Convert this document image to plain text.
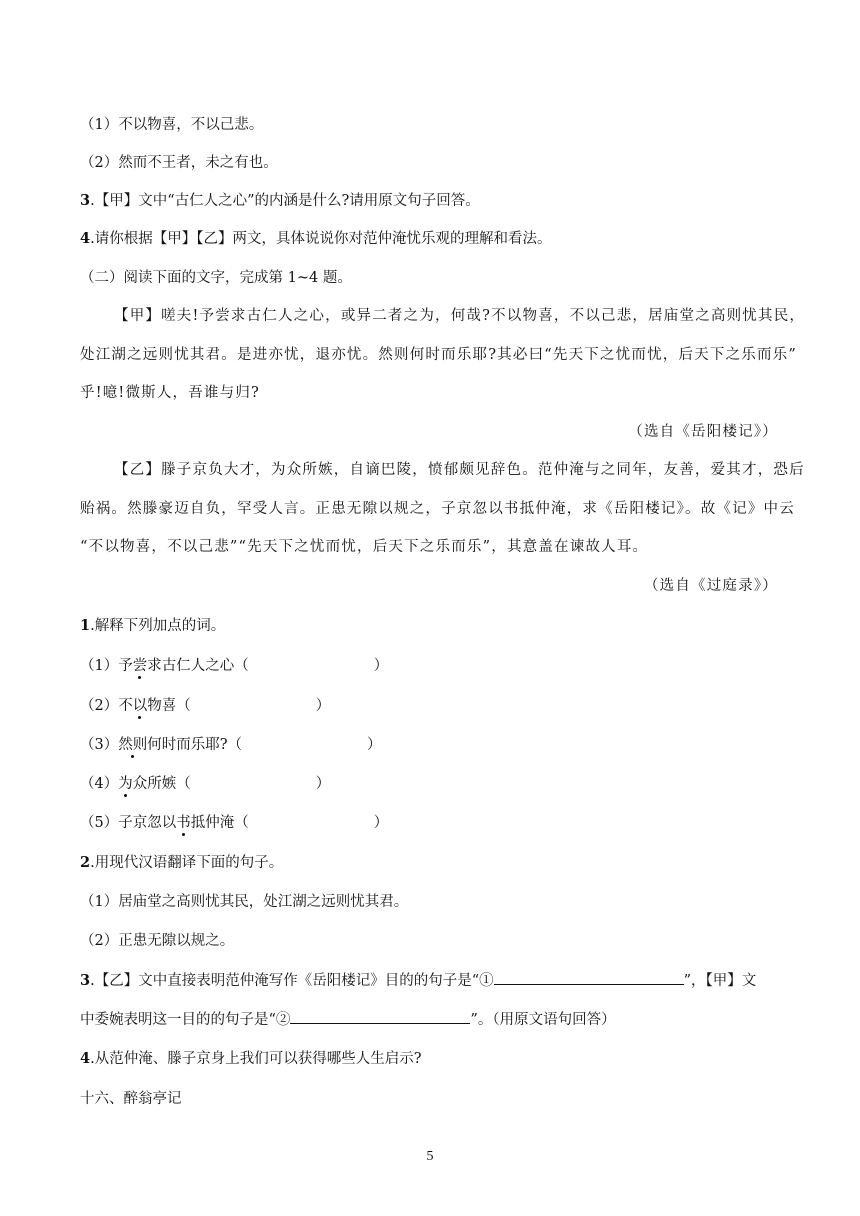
（1）不以物喜，不以己悲。
（2）然而不王者，未之有也。
3.【甲】文中“古仁人之心”的内涵是什么?请用原文句子回答。
4.请你根据【甲】【乙】两文，具体说说你对范仲淹忧乐观的理解和看法。
（二）阅读下面的文字，完成第 1~4 题。
【甲】嗟夫!予尝求古仁人之心，或异二者之为，何哉?不以物喜，不以己悲，居庙堂之高则忧其民，
处江湖之远则忧其君。是进亦忧，退亦忧。然则何时而乐耶?其必曰“先天下之忧而忧，后天下之乐而乐”
乎!噫!微斯人，吾谁与归?
（选自《岳阳楼记》）
【乙】滕子京负大才，为众所嫉，自谪巴陵，愤郁颇见辞色。范仲淹与之同年，友善，爱其才，恐后
贻祸。然滕豪迈自负，罕受人言。正患无隙以规之，子京忽以书抵仲淹，求《岳阳楼记》。故《记》中云
“不以物喜，不以己悲”“先天下之忧而忧，后天下之乐而乐”，其意盖在谏故人耳。
（选自《过庭录》）
1.解释下列加点的词。
（1）予尝求古仁人之心（	）
（2）不以物喜（	）
（3）然则何时而乐耶?（	）
（4）为众所嫉（	）
（5）子京忽以书抵仲淹（	）
2.用现代汉语翻译下面的句子。
（1）居庙堂之高则忧其民，处江湖之远则忧其君。
（2）正患无隙以规之。
3.【乙】文中直接表明范仲淹写作《岳阳楼记》目的的句子是“①	”，【甲】文
中委婉表明这一目的的句子是“②	”。（用原文语句回答）
4.从范仲淹、滕子京身上我们可以获得哪些人生启示?
十六、醉翁亭记
5
